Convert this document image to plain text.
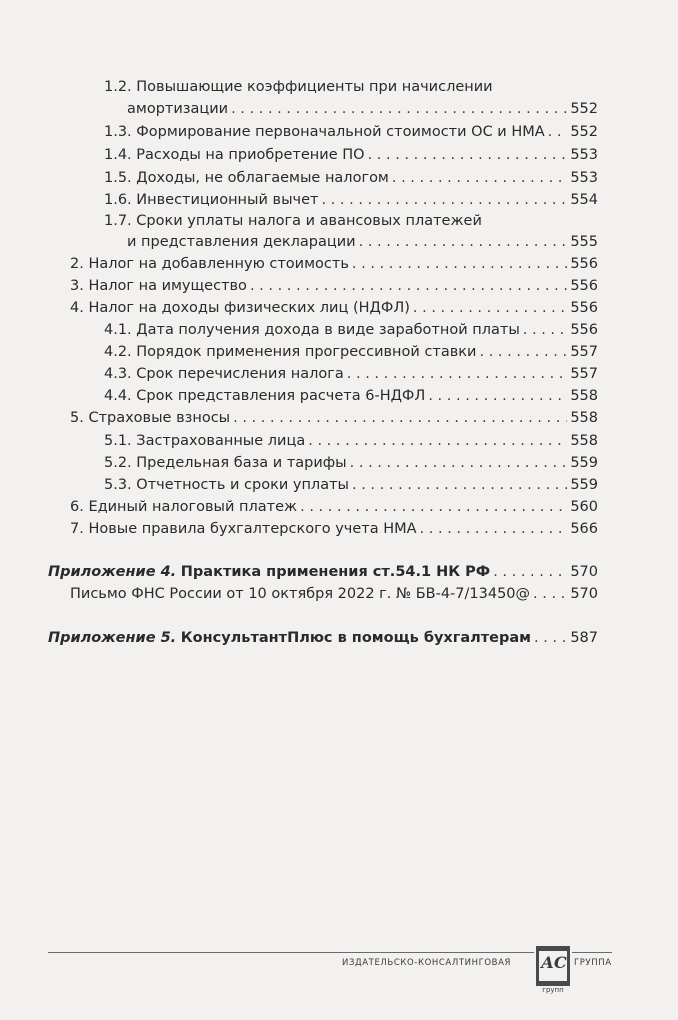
1.2. Повышающие коэффициенты при начислении
амортизации . . .	552
1.3. Формирование первоначальной стоимости ОС и НМА . . . 552
1.4. Расходы на приобретение ПО . . .	553
1.5. Доходы, не облагаемые налогом . . .	553
1.6. Инвестиционный вычет . . .	554
1.7. Сроки уплаты налога и авансовых платежей
и представления декларации . . .	555
2. Налог на добавленную стоимость . . .	556
3. Налог на имущество . . .	556
4. Налог на доходы физических лиц (НДФЛ) . . .	556
4.1. Дата получения дохода в виде заработной платы . . .	556
4.2. Порядок применения прогрессивной ставки . . .	557
4.3. Срок перечисления налога . . .	557
4.4. Срок представления расчета 6-НДФЛ . . .	558
5. Страховые взносы . . .	558
5.1. Застрахованные лица . . .	558
5.2. Предельная база и тарифы . . .	559
5.3. Отчетность и сроки уплаты . . .	559
6. Единый налоговый платеж . . .	560
7. Новые правила бухгалтерского учета НМА . . .	566
Приложение 4. Практика применения ст.54.1 НК РФ . . .	570
Письмо ФНС России от 10 октября 2022 г. № БВ-4-7/13450@ . . .	570
Приложение 5. КонсультантПлюс в помощь бухгалтерам . . .	587
ИЗДАТЕЛЬСКО-КОНСАЛТИНГОВАЯ	ГРУППА
АС
групп
